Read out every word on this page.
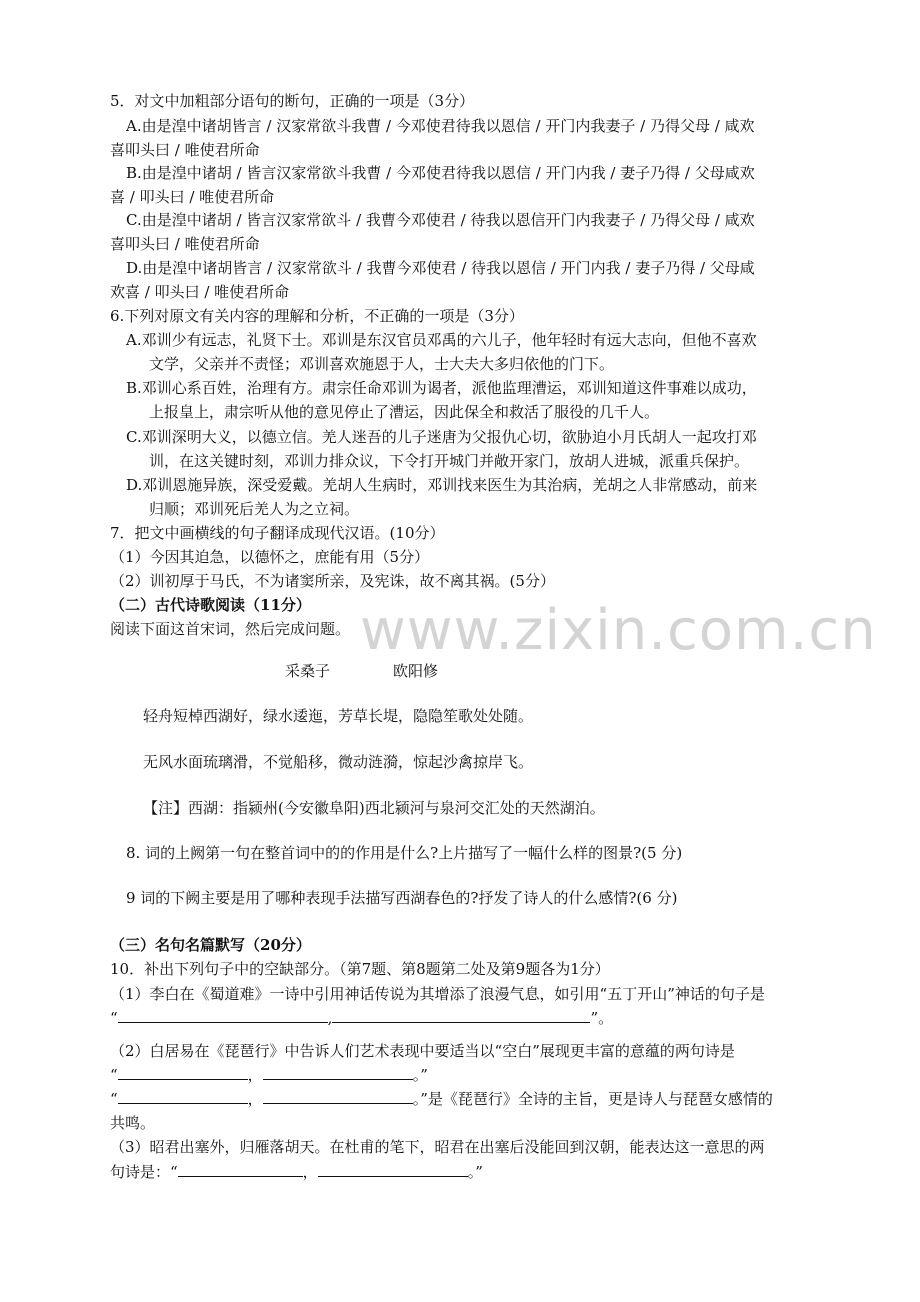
www.zixin.com.cn
5．对文中加粗部分语句的断句，正确的一项是（3分）
A.由是湟中诸胡皆言 / 汉家常欲斗我曹 / 今邓使君待我以恩信 / 开门内我妻子 / 乃得父母 / 咸欢
喜叩头曰 / 唯使君所命
B.由是湟中诸胡 / 皆言汉家常欲斗我曹 / 今邓使君待我以恩信 / 开门内我 / 妻子乃得 / 父母咸欢
喜 / 叩头曰 / 唯使君所命
C.由是湟中诸胡 / 皆言汉家常欲斗 / 我曹今邓使君 / 待我以恩信开门内我妻子 / 乃得父母 / 咸欢
喜叩头曰 / 唯使君所命
D.由是湟中诸胡皆言 / 汉家常欲斗 / 我曹今邓使君 / 待我以恩信 / 开门内我 / 妻子乃得 / 父母咸
欢喜 / 叩头曰 / 唯使君所命
6.下列对原文有关内容的理解和分析，不正确的一项是（3分）
A.邓训少有远志，礼贤下士。邓训是东汉官员邓禹的六儿子，他年轻时有远大志向，但他不喜欢
文学，父亲并不责怪；邓训喜欢施恩于人，士大夫大多归依他的门下。
B.邓训心系百姓，治理有方。肃宗任命邓训为谒者，派他监理漕运，邓训知道这件事难以成功，
上报皇上，肃宗听从他的意见停止了漕运，因此保全和救活了服役的几千人。
C.邓训深明大义，以德立信。羌人迷吾的儿子迷唐为父报仇心切，欲胁迫小月氏胡人一起攻打邓
训，在这关键时刻，邓训力排众议，下令打开城门并敞开家门，放胡人进城，派重兵保护。
D.邓训恩施异族，深受爱戴。羌胡人生病时，邓训找来医生为其治病，羌胡之人非常感动，前来
归顺；邓训死后羌人为之立祠。
7．把文中画横线的句子翻译成现代汉语。(10分）
（1）今因其迫急，以德怀之，庶能有用（5分）
（2）训初厚于马氏，不为诸窦所亲，及宪诛，故不离其祸。(5分）
（二）古代诗歌阅读（11分）
阅读下面这首宋词，然后完成问题。
采桑子	欧阳修
轻舟短棹西湖好，绿水逶迤，芳草长堤，隐隐笙歌处处随。
无风水面琉璃滑，不觉船移，微动涟漪，惊起沙禽掠岸飞。
【注】西湖：指颍州(今安徽阜阳)西北颍河与泉河交汇处的天然湖泊。
8. 词的上阙第一句在整首词中的的作用是什么?上片描写了一幅什么样的图景?(5 分)
9 词的下阙主要是用了哪种表现手法描写西湖春色的?抒发了诗人的什么感情?(6 分)
（三）名句名篇默写（20分）
10．补出下列句子中的空缺部分。（第7题、第8题第二处及第9题各为1分）
（1）李白在《蜀道难》一诗中引用神话传说为其增添了浪漫气息，如引用“五丁开山”神话的句子是
“	,	”。
（2）白居易在《琵琶行》中告诉人们艺术表现中要适当以“空白”展现更丰富的意蕴的两句诗是
“	，	。”
“	，	。”是《琵琶行》全诗的主旨，更是诗人与琵琶女感情的
共鸣。
（3）昭君出塞外，归雁落胡天。在杜甫的笔下，昭君在出塞后没能回到汉朝，能表达这一意思的两
句诗是：“	，	。”
